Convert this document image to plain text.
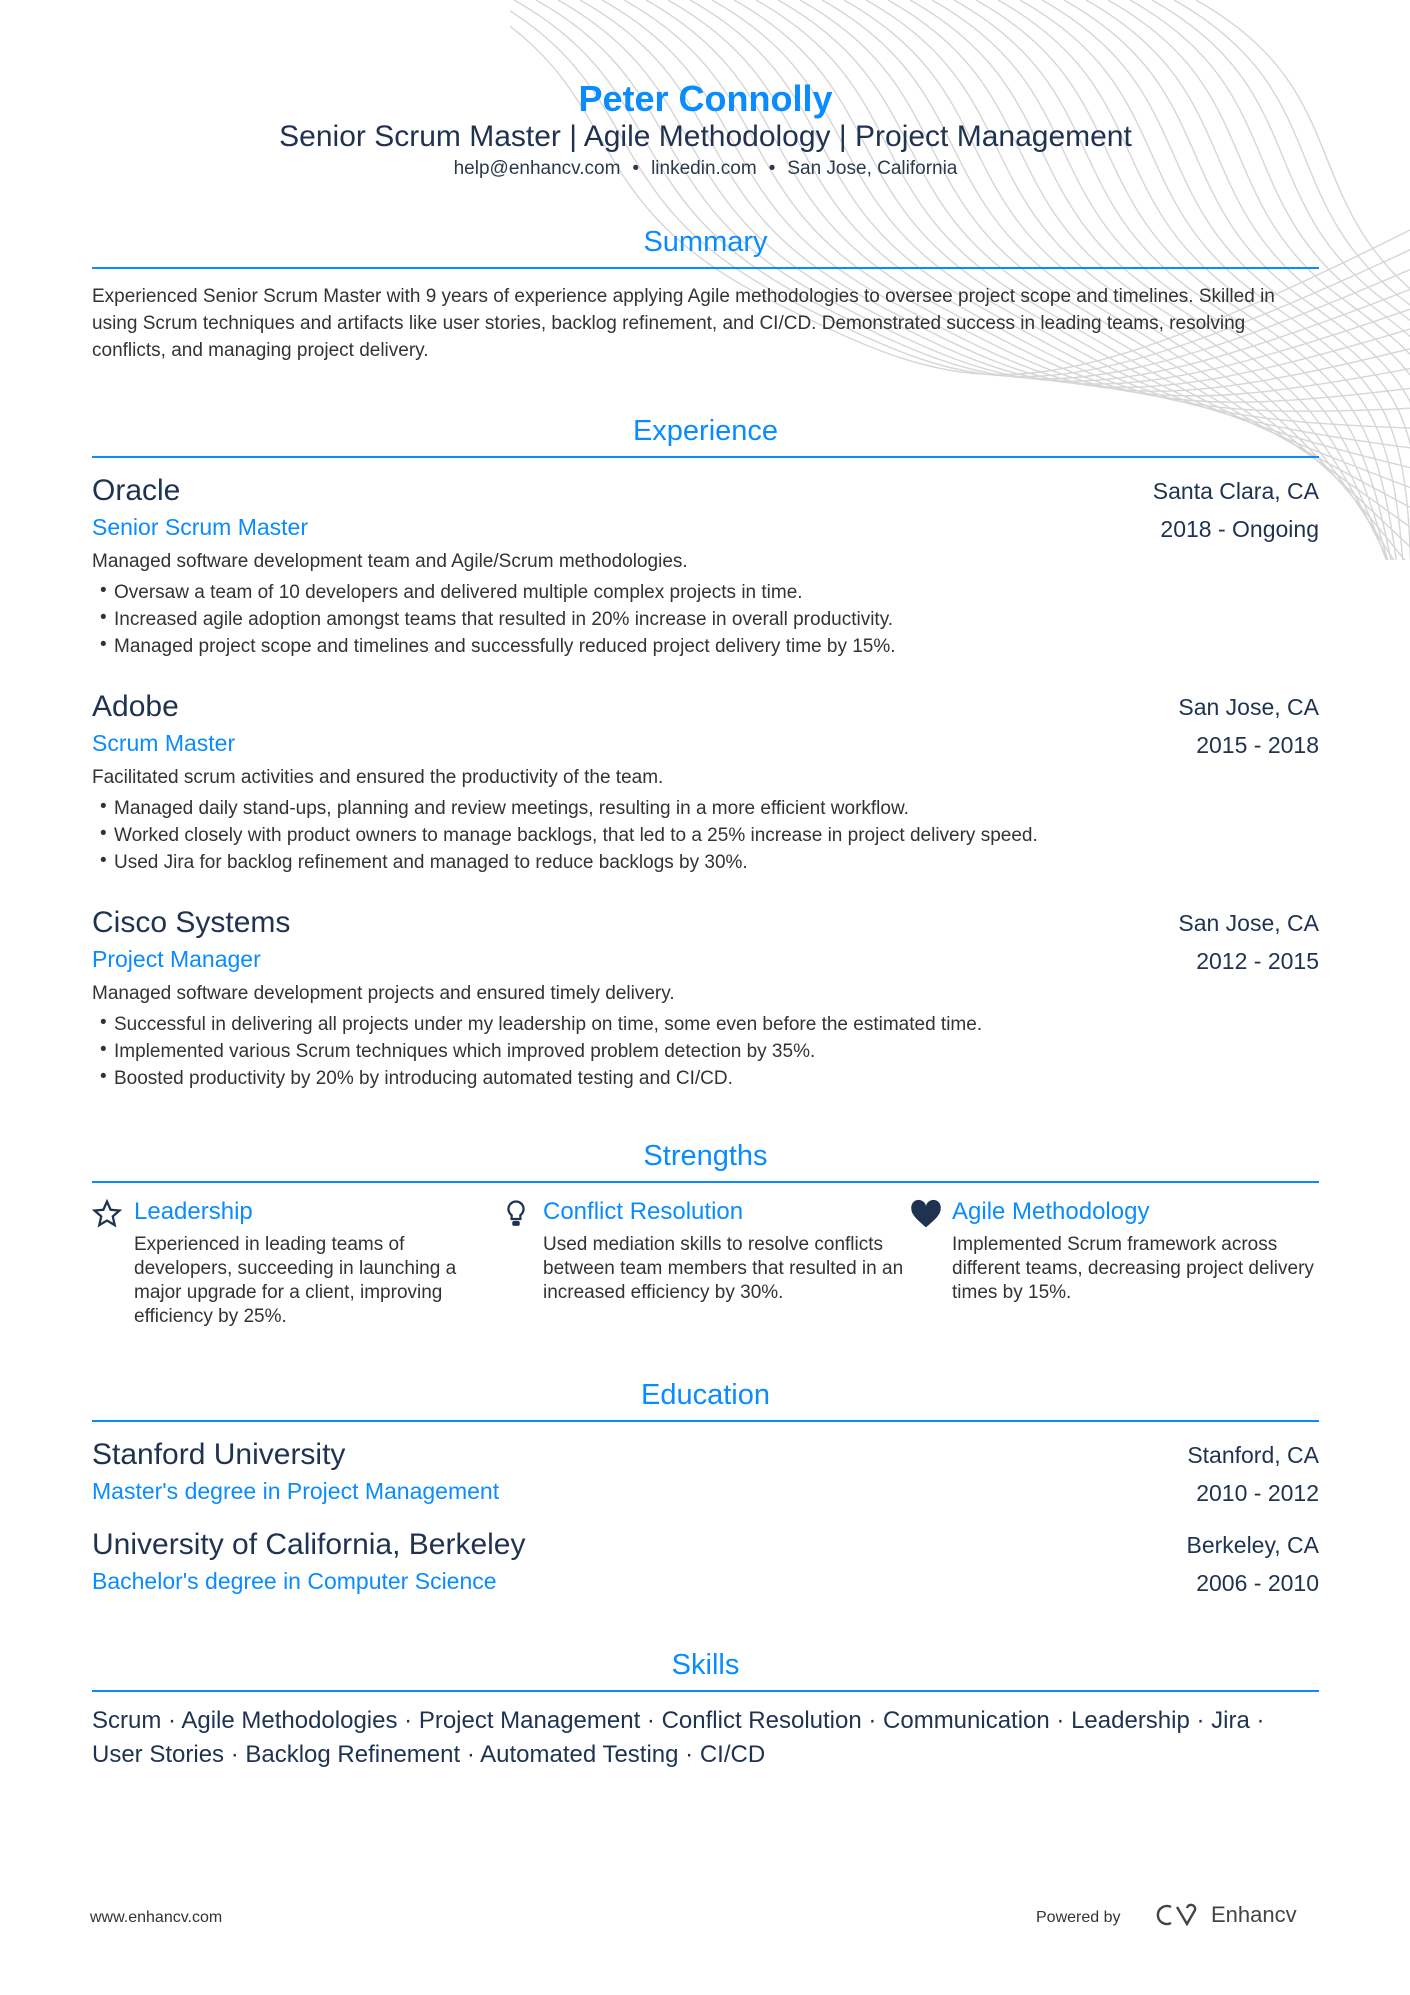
Peter Connolly
Senior Scrum Master | Agile Methodology | Project Management
help@enhancv.com • linkedin.com • San Jose, California
Summary
Experienced Senior Scrum Master with 9 years of experience applying Agile methodologies to oversee project scope and timelines. Skilled in using Scrum techniques and artifacts like user stories, backlog refinement, and CI/CD. Demonstrated success in leading teams, resolving conflicts, and managing project delivery.
Experience
Oracle
Senior Scrum Master
Santa Clara, CA
2018 - Ongoing
Managed software development team and Agile/Scrum methodologies.
• Oversaw a team of 10 developers and delivered multiple complex projects in time.
• Increased agile adoption amongst teams that resulted in 20% increase in overall productivity.
• Managed project scope and timelines and successfully reduced project delivery time by 15%.
Adobe
Scrum Master
San Jose, CA
2015 - 2018
Facilitated scrum activities and ensured the productivity of the team.
• Managed daily stand-ups, planning and review meetings, resulting in a more efficient workflow.
• Worked closely with product owners to manage backlogs, that led to a 25% increase in project delivery speed.
• Used Jira for backlog refinement and managed to reduce backlogs by 30%.
Cisco Systems
Project Manager
San Jose, CA
2012 - 2015
Managed software development projects and ensured timely delivery.
• Successful in delivering all projects under my leadership on time, some even before the estimated time.
• Implemented various Scrum techniques which improved problem detection by 35%.
• Boosted productivity by 20% by introducing automated testing and CI/CD.
Strengths
Leadership
Experienced in leading teams of developers, succeeding in launching a major upgrade for a client, improving efficiency by 25%.
Conflict Resolution
Used mediation skills to resolve conflicts between team members that resulted in an increased efficiency by 30%.
Agile Methodology
Implemented Scrum framework across different teams, decreasing project delivery times by 15%.
Education
Stanford University
Master's degree in Project Management
Stanford, CA
2010 - 2012
University of California, Berkeley
Bachelor's degree in Computer Science
Berkeley, CA
2006 - 2010
Skills
Scrum · Agile Methodologies · Project Management · Conflict Resolution · Communication · Leadership · Jira · User Stories · Backlog Refinement · Automated Testing · CI/CD
www.enhancv.com	Powered by	Enhancv
